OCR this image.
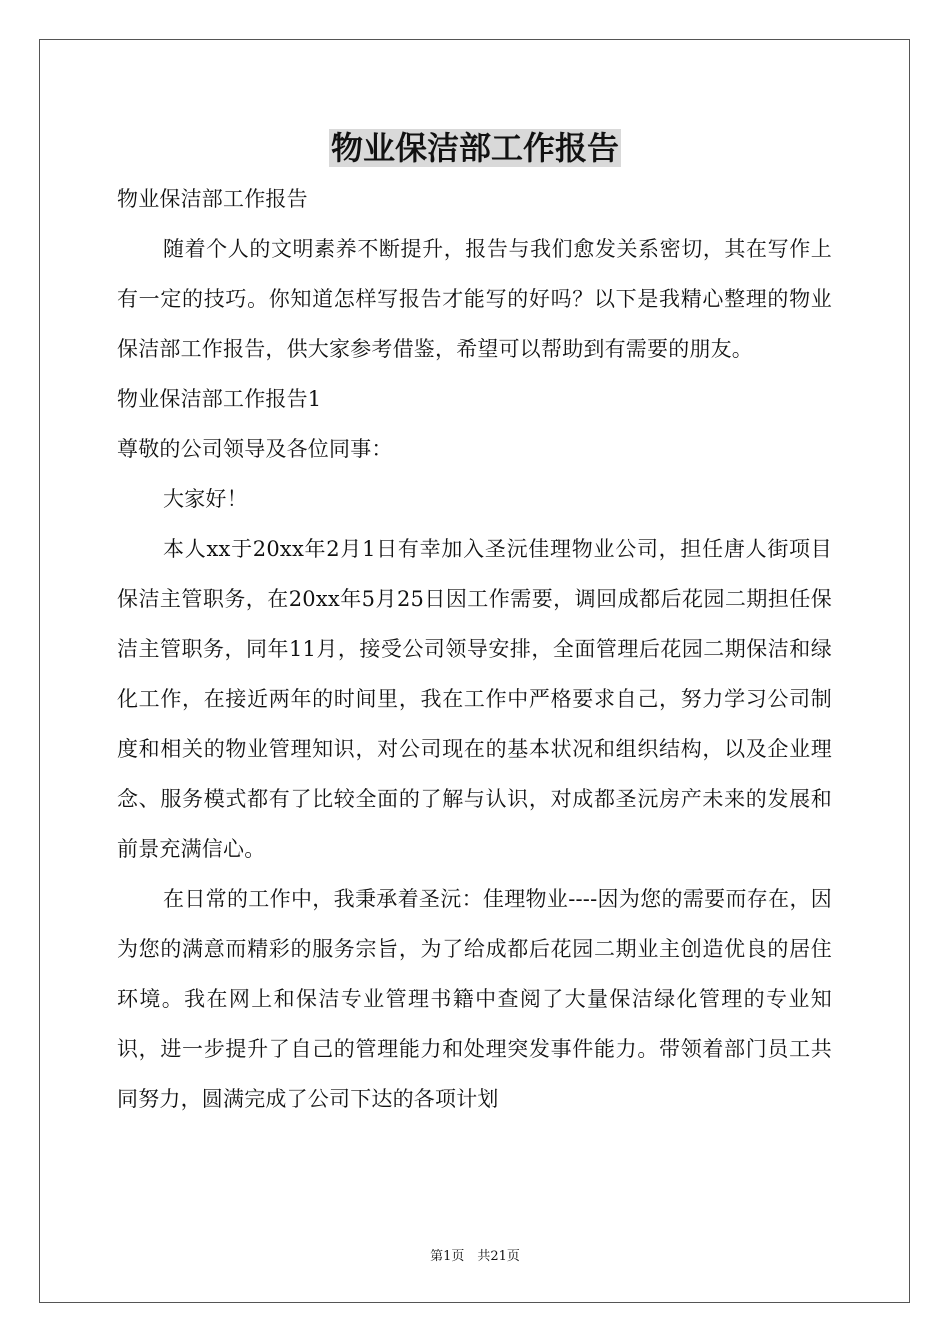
物业保洁部工作报告

物业保洁部工作报告

随着个人的文明素养不断提升，报告与我们愈发关系密切，其在写作上有一定的技巧。你知道怎样写报告才能写的好吗？以下是我精心整理的物业保洁部工作报告，供大家参考借鉴，希望可以帮助到有需要的朋友。

物业保洁部工作报告1

尊敬的公司领导及各位同事：

大家好！

本人xx于20xx年2月1日有幸加入圣沅佳理物业公司，担任唐人街项目保洁主管职务，在20xx年5月25日因工作需要，调回成都后花园二期担任保洁主管职务，同年11月，接受公司领导安排，全面管理后花园二期保洁和绿化工作，在接近两年的时间里，我在工作中严格要求自己，努力学习公司制度和相关的物业管理知识，对公司现在的基本状况和组织结构，以及企业理念、服务模式都有了比较全面的了解与认识，对成都圣沅房产未来的发展和前景充满信心。

在日常的工作中，我秉承着圣沅：佳理物业----因为您的需要而存在，因为您的满意而精彩的服务宗旨，为了给成都后花园二期业主创造优良的居住环境。我在网上和保洁专业管理书籍中查阅了大量保洁绿化管理的专业知识，进一步提升了自己的管理能力和处理突发事件能力。带领着部门员工共同努力，圆满完成了公司下达的各项计划

第1页　共21页
